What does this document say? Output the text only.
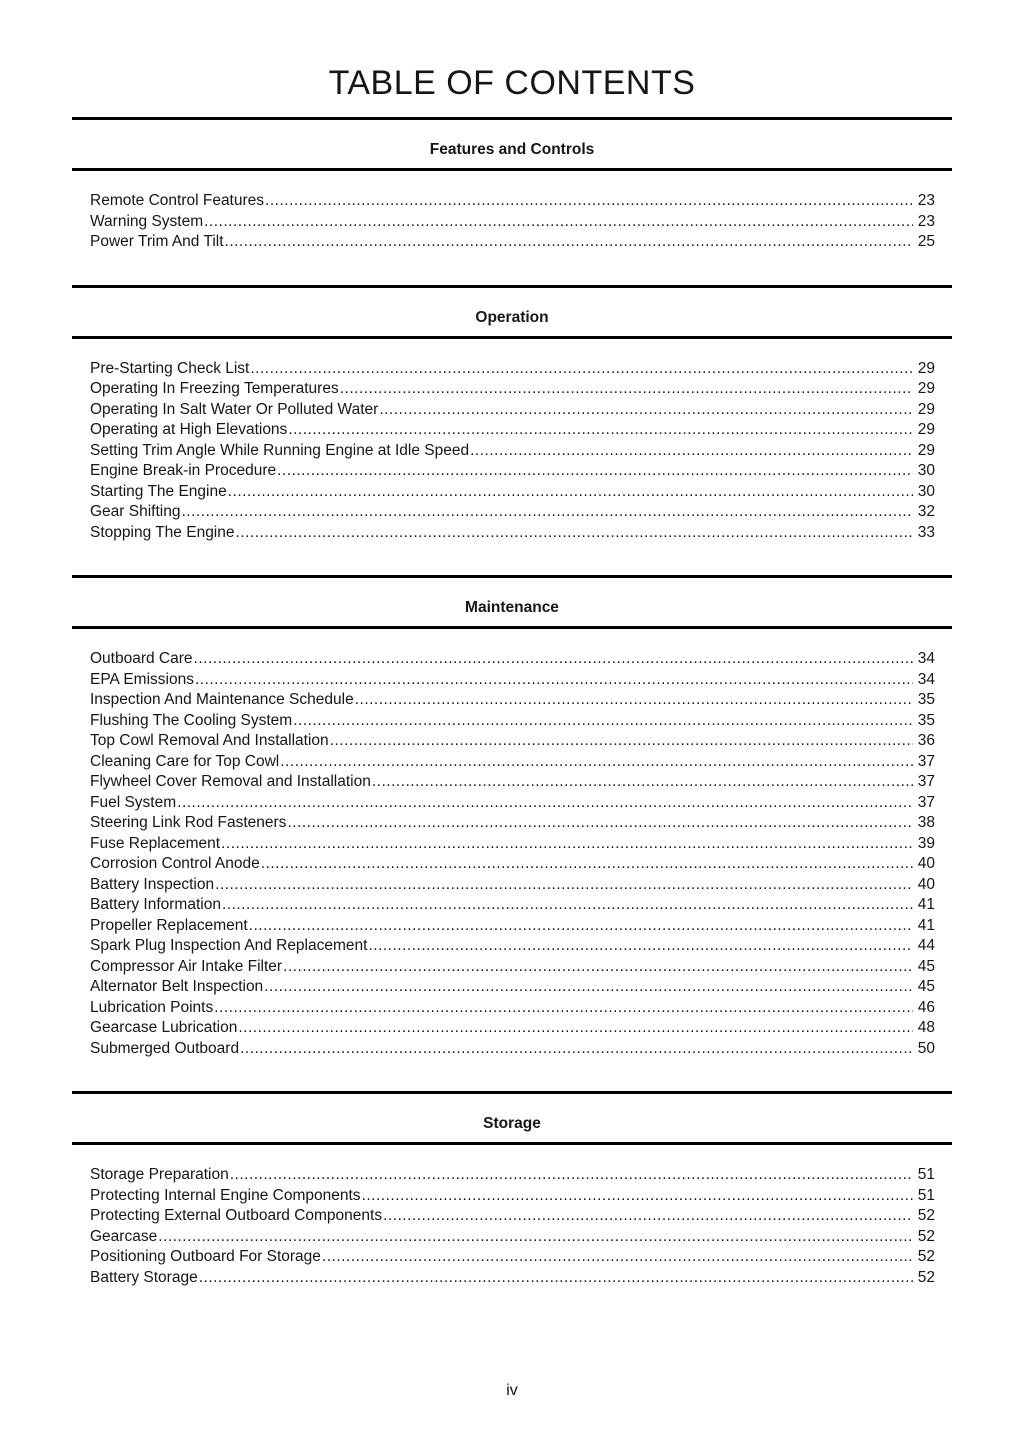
TABLE OF CONTENTS
Features and Controls
Remote Control Features .....	23
Warning System .....	23
Power Trim And Tilt .....	25
Operation
Pre-Starting Check List .....	29
Operating In Freezing Temperatures .....	29
Operating In Salt Water Or Polluted Water .....	29
Operating at High Elevations .....	29
Setting Trim Angle While Running Engine at Idle Speed .....	29
Engine Break-in Procedure .....	30
Starting The Engine .....	30
Gear Shifting .....	32
Stopping The Engine .....	33
Maintenance
Outboard Care .....	34
EPA Emissions .....	34
Inspection And Maintenance Schedule .....	35
Flushing The Cooling System .....	35
Top Cowl Removal And Installation .....	36
Cleaning Care for Top Cowl .....	37
Flywheel Cover Removal and Installation .....	37
Fuel System .....	37
Steering Link Rod Fasteners .....	38
Fuse Replacement .....	39
Corrosion Control Anode .....	40
Battery Inspection .....	40
Battery Information .....	41
Propeller Replacement .....	41
Spark Plug Inspection And Replacement .....	44
Compressor Air Intake Filter .....	45
Alternator Belt Inspection .....	45
Lubrication Points .....	46
Gearcase Lubrication .....	48
Submerged Outboard .....	50
Storage
Storage Preparation .....	51
Protecting Internal Engine Components .....	51
Protecting External Outboard Components .....	52
Gearcase .....	52
Positioning Outboard For Storage .....	52
Battery Storage .....	52
iv
